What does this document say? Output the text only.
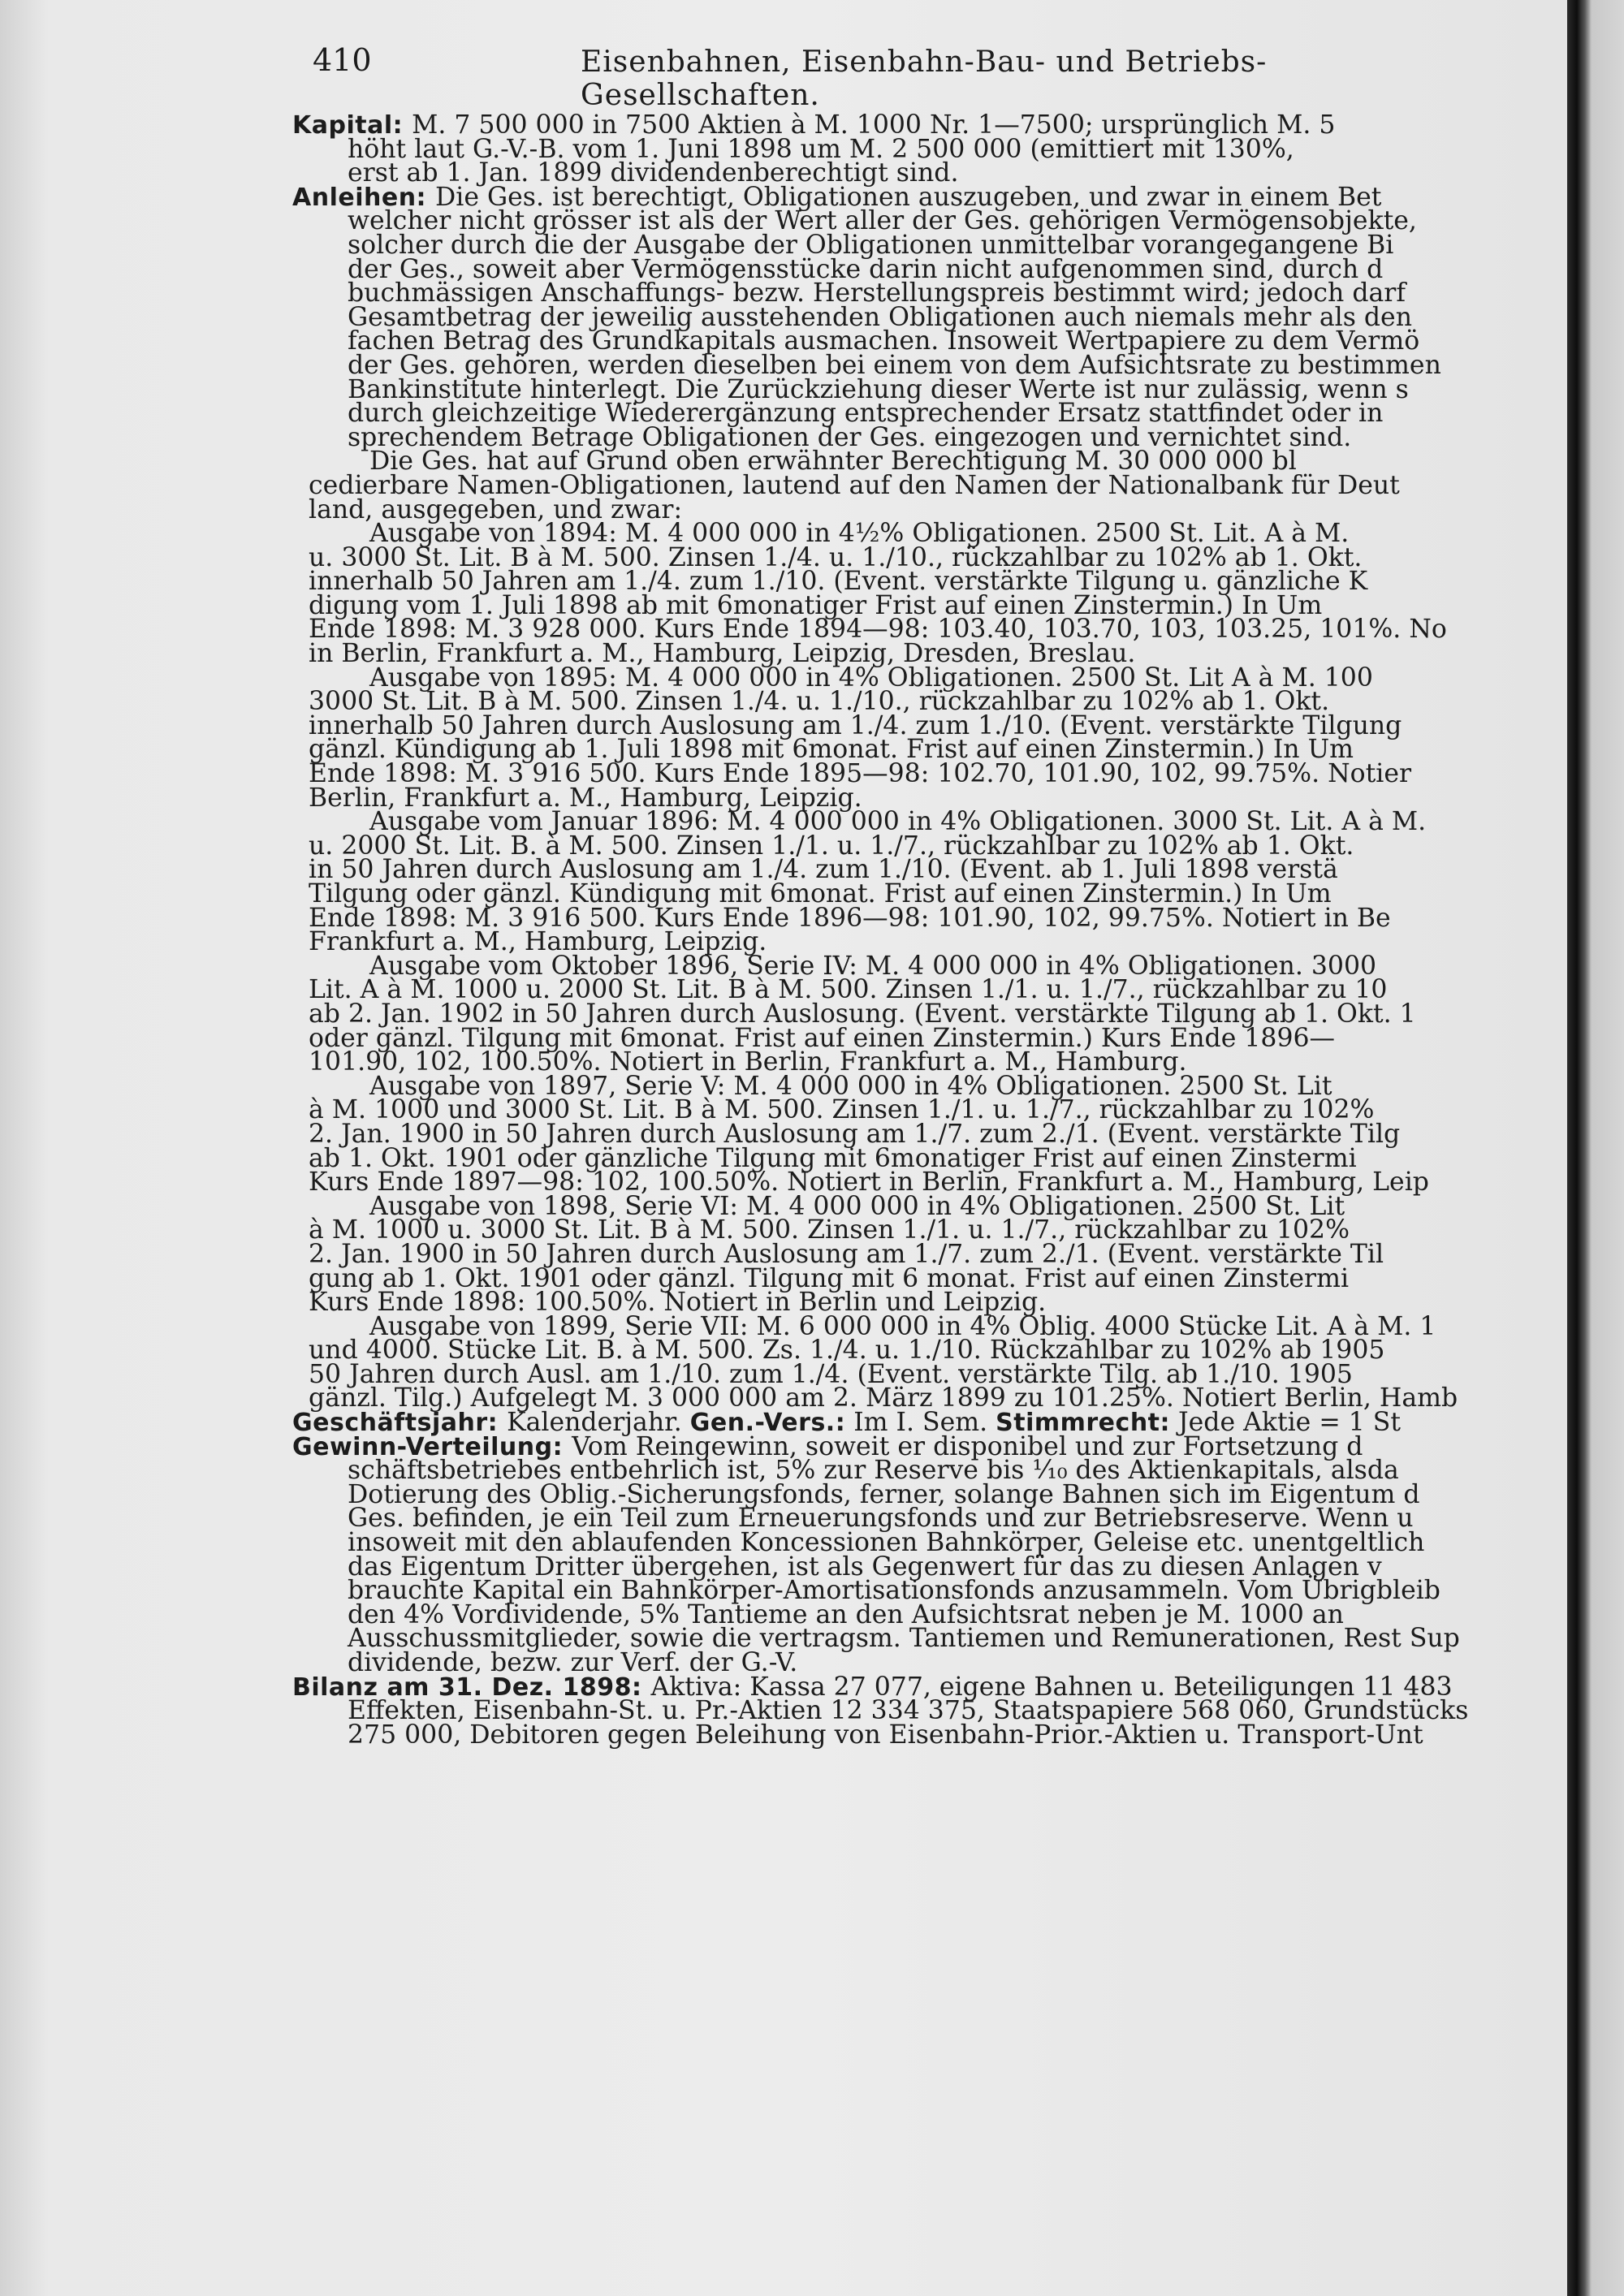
410	Eisenbahnen, Eisenbahn-Bau- und Betriebs-Gesellschaften.
Kapital: M. 7 500 000 in 7500 Aktien à M. 1000 Nr. 1—7500; ursprünglich M. 5
höht laut G.-V.-B. vom 1. Juni 1898 um M. 2 500 000 (emittiert mit 130%,
erst ab 1. Jan. 1899 dividendenberechtigt sind.
Anleihen: Die Ges. ist berechtigt, Obligationen auszugeben, und zwar in einem Bet
welcher nicht grösser ist als der Wert aller der Ges. gehörigen Vermögensobjekte,
solcher durch die der Ausgabe der Obligationen unmittelbar vorangegangene Bi
der Ges., soweit aber Vermögensstücke darin nicht aufgenommen sind, durch d
buchmässigen Anschaffungs- bezw. Herstellungspreis bestimmt wird; jedoch darf
Gesamtbetrag der jeweilig ausstehenden Obligationen auch niemals mehr als den
fachen Betrag des Grundkapitals ausmachen. Insoweit Wertpapiere zu dem Vermö
der Ges. gehören, werden dieselben bei einem von dem Aufsichtsrate zu bestimmen
Bankinstitute hinterlegt. Die Zurückziehung dieser Werte ist nur zulässig, wenn s
durch gleichzeitige Wiederergänzung entsprechender Ersatz stattfindet oder in
sprechendem Betrage Obligationen der Ges. eingezogen und vernichtet sind.
Die Ges. hat auf Grund oben erwähnter Berechtigung M. 30 000 000 bl
cedierbare Namen-Obligationen, lautend auf den Namen der Nationalbank für Deut
land, ausgegeben, und zwar:
Ausgabe von 1894: M. 4 000 000 in 4½% Obligationen. 2500 St. Lit. A à M.
u. 3000 St. Lit. B à M. 500. Zinsen 1./4. u. 1./10., rückzahlbar zu 102% ab 1. Okt.
innerhalb 50 Jahren am 1./4. zum 1./10. (Event. verstärkte Tilgung u. gänzliche K
digung vom 1. Juli 1898 ab mit 6monatiger Frist auf einen Zinstermin.) In Um
Ende 1898: M. 3 928 000. Kurs Ende 1894—98: 103.40, 103.70, 103, 103.25, 101%. No
in Berlin, Frankfurt a. M., Hamburg, Leipzig, Dresden, Breslau.
Ausgabe von 1895: M. 4 000 000 in 4% Obligationen. 2500 St. Lit A à M. 100
3000 St. Lit. B à M. 500. Zinsen 1./4. u. 1./10., rückzahlbar zu 102% ab 1. Okt.
innerhalb 50 Jahren durch Auslosung am 1./4. zum 1./10. (Event. verstärkte Tilgung
gänzl. Kündigung ab 1. Juli 1898 mit 6monat. Frist auf einen Zinstermin.) In Um
Ende 1898: M. 3 916 500. Kurs Ende 1895—98: 102.70, 101.90, 102, 99.75%. Notier
Berlin, Frankfurt a. M., Hamburg, Leipzig.
Ausgabe vom Januar 1896: M. 4 000 000 in 4% Obligationen. 3000 St. Lit. A à M.
u. 2000 St. Lit. B. à M. 500. Zinsen 1./1. u. 1./7., rückzahlbar zu 102% ab 1. Okt.
in 50 Jahren durch Auslosung am 1./4. zum 1./10. (Event. ab 1. Juli 1898 verstä
Tilgung oder gänzl. Kündigung mit 6monat. Frist auf einen Zinstermin.) In Um
Ende 1898: M. 3 916 500. Kurs Ende 1896—98: 101.90, 102, 99.75%. Notiert in Be
Frankfurt a. M., Hamburg, Leipzig.
Ausgabe vom Oktober 1896, Serie IV: M. 4 000 000 in 4% Obligationen. 3000
Lit. A à M. 1000 u. 2000 St. Lit. B à M. 500. Zinsen 1./1. u. 1./7., rückzahlbar zu 10
ab 2. Jan. 1902 in 50 Jahren durch Auslosung. (Event. verstärkte Tilgung ab 1. Okt. 1
oder gänzl. Tilgung mit 6monat. Frist auf einen Zinstermin.) Kurs Ende 1896—
101.90, 102, 100.50%. Notiert in Berlin, Frankfurt a. M., Hamburg.
Ausgabe von 1897, Serie V: M. 4 000 000 in 4% Obligationen. 2500 St. Lit
à M. 1000 und 3000 St. Lit. B à M. 500. Zinsen 1./1. u. 1./7., rückzahlbar zu 102%
2. Jan. 1900 in 50 Jahren durch Auslosung am 1./7. zum 2./1. (Event. verstärkte Tilg
ab 1. Okt. 1901 oder gänzliche Tilgung mit 6monatiger Frist auf einen Zinstermi
Kurs Ende 1897—98: 102, 100.50%. Notiert in Berlin, Frankfurt a. M., Hamburg, Leip
Ausgabe von 1898, Serie VI: M. 4 000 000 in 4% Obligationen. 2500 St. Lit
à M. 1000 u. 3000 St. Lit. B à M. 500. Zinsen 1./1. u. 1./7., rückzahlbar zu 102%
2. Jan. 1900 in 50 Jahren durch Auslosung am 1./7. zum 2./1. (Event. verstärkte Til
gung ab 1. Okt. 1901 oder gänzl. Tilgung mit 6 monat. Frist auf einen Zinstermi
Kurs Ende 1898: 100.50%. Notiert in Berlin und Leipzig.
Ausgabe von 1899, Serie VII: M. 6 000 000 in 4% Oblig. 4000 Stücke Lit. A à M. 1
und 4000. Stücke Lit. B. à M. 500. Zs. 1./4. u. 1./10. Rückzahlbar zu 102% ab 1905
50 Jahren durch Ausl. am 1./10. zum 1./4. (Event. verstärkte Tilg. ab 1./10. 1905
gänzl. Tilg.) Aufgelegt M. 3 000 000 am 2. März 1899 zu 101.25%. Notiert Berlin, Hamb
Geschäftsjahr: Kalenderjahr. Gen.-Vers.: Im I. Sem. Stimmrecht: Jede Aktie = 1 St
Gewinn-Verteilung: Vom Reingewinn, soweit er disponibel und zur Fortsetzung d
schäftsbetriebes entbehrlich ist, 5% zur Reserve bis ⅒ des Aktienkapitals, alsda
Dotierung des Oblig.-Sicherungsfonds, ferner, solange Bahnen sich im Eigentum d
Ges. befinden, je ein Teil zum Erneuerungsfonds und zur Betriebsreserve. Wenn u
insoweit mit den ablaufenden Koncessionen Bahnkörper, Geleise etc. unentgeltlich
das Eigentum Dritter übergehen, ist als Gegenwert für das zu diesen Anlagen v
brauchte Kapital ein Bahnkörper-Amortisationsfonds anzusammeln. Vom Übrigbleib
den 4% Vordividende, 5% Tantieme an den Aufsichtsrat neben je M. 1000 an
Ausschussmitglieder, sowie die vertragsm. Tantiemen und Remunerationen, Rest Sup
dividende, bezw. zur Verf. der G.-V.
Bilanz am 31. Dez. 1898: Aktiva: Kassa 27 077, eigene Bahnen u. Beteiligungen 11 483
Effekten, Eisenbahn-St. u. Pr.-Aktien 12 334 375, Staatspapiere 568 060, Grundstücks
275 000, Debitoren gegen Beleihung von Eisenbahn-Prior.-Aktien u. Transport-Unt
